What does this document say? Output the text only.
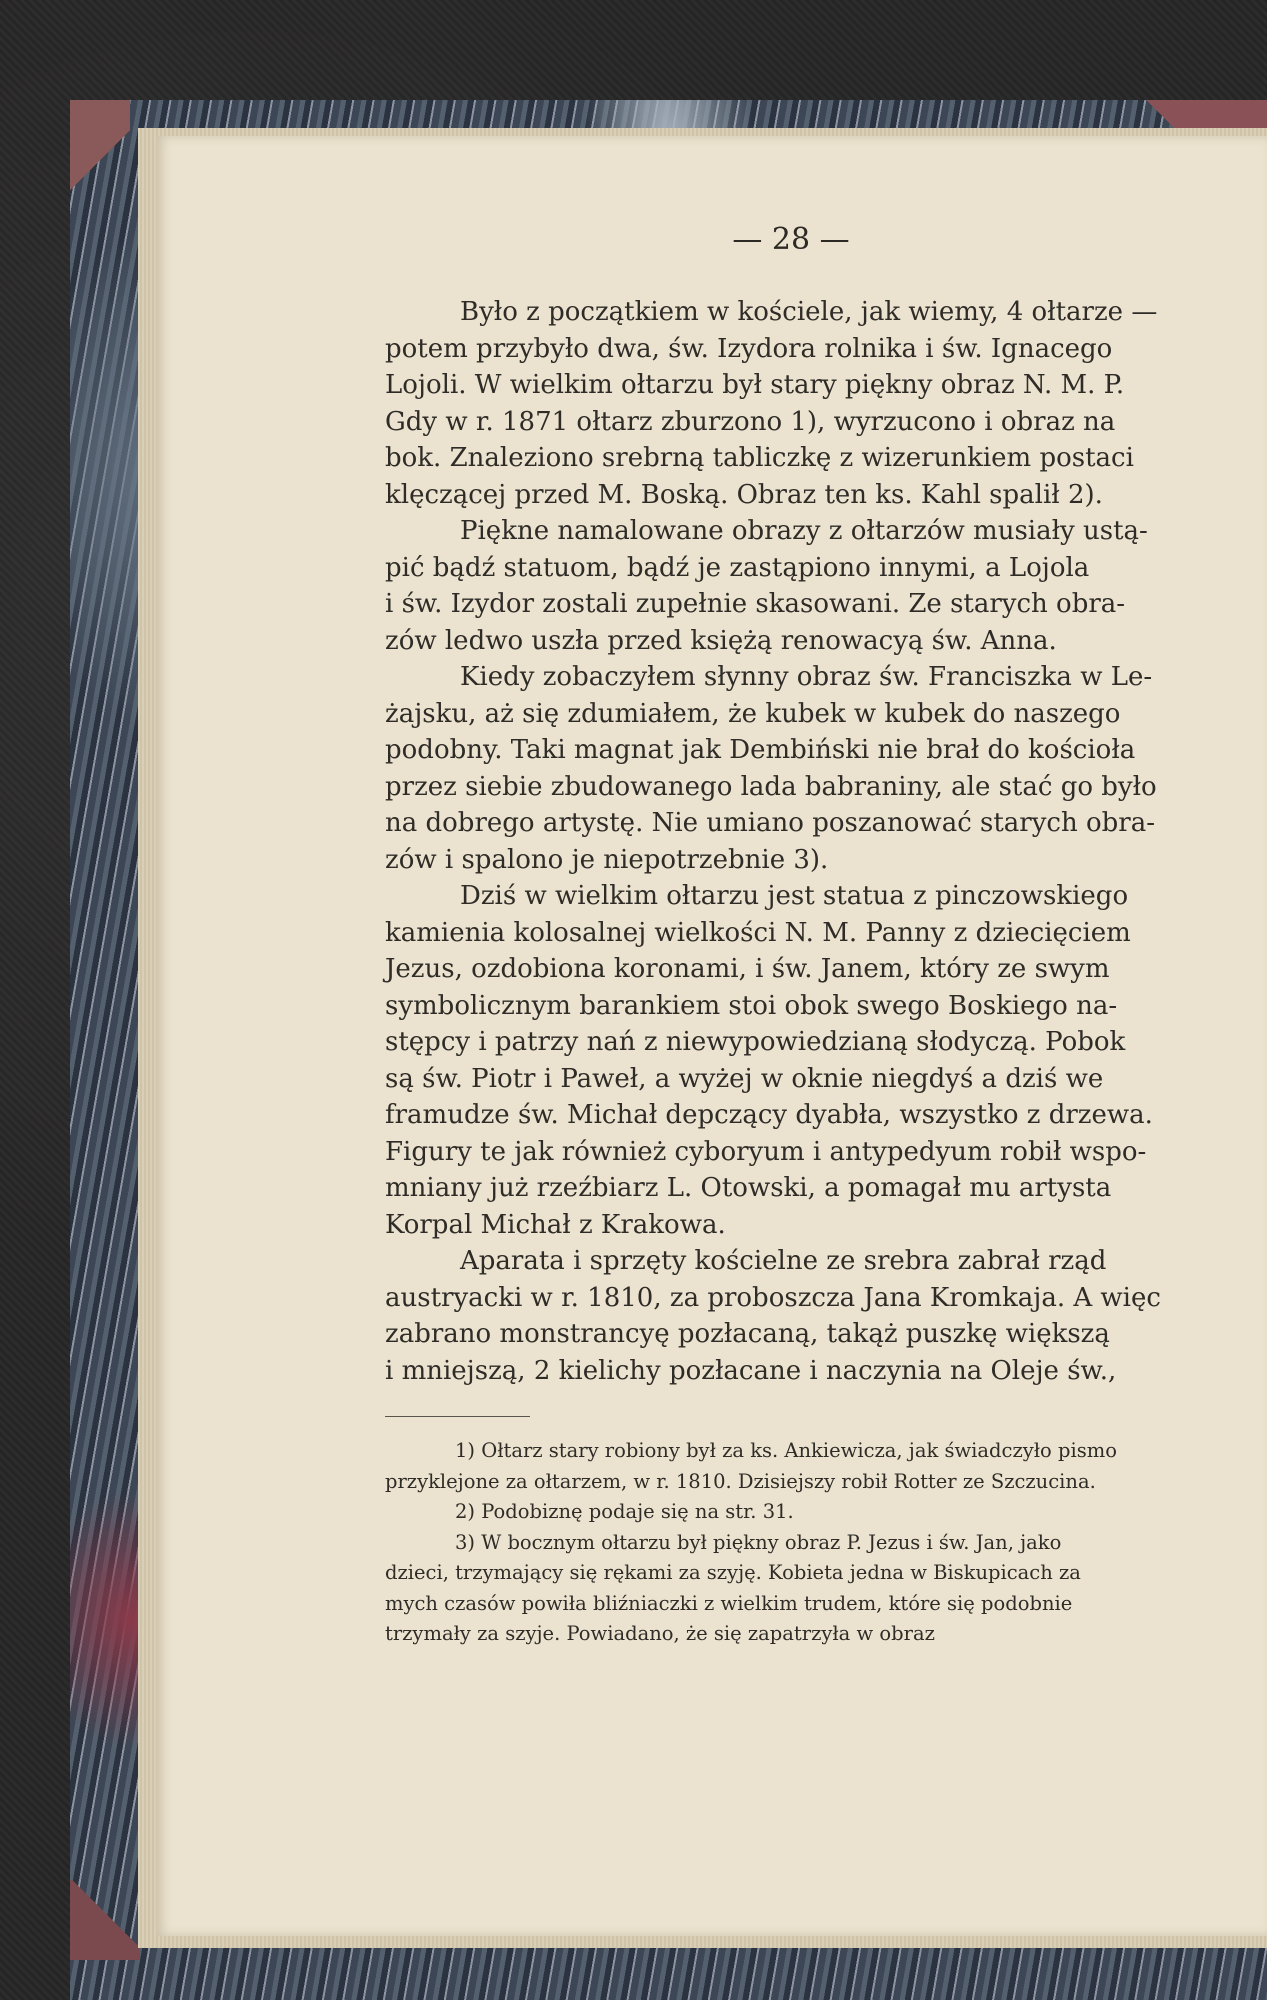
— 28 —

Było z początkiem w kościele, jak wiemy, 4 ołtarze —
potem przybyło dwa, św. Izydora rolnika i św. Ignacego
Lojoli. W wielkim ołtarzu był stary piękny obraz N. M. P.
Gdy w r. 1871 ołtarz zburzono 1), wyrzucono i obraz na
bok. Znaleziono srebrną tabliczkę z wizerunkiem postaci
klęczącej przed M. Boską. Obraz ten ks. Kahl spalił 2).

Piękne namalowane obrazy z ołtarzów musiały ustą-
pić bądź statuom, bądź je zastąpiono innymi, a Lojola
i św. Izydor zostali zupełnie skasowani. Ze starych obra-
zów ledwo uszła przed księżą renowacyą św. Anna.

Kiedy zobaczyłem słynny obraz św. Franciszka w Le-
żajsku, aż się zdumiałem, że kubek w kubek do naszego
podobny. Taki magnat jak Dembiński nie brał do kościoła
przez siebie zbudowanego lada babraniny, ale stać go było
na dobrego artystę. Nie umiano poszanować starych obra-
zów i spalono je niepotrzebnie 3).

Dziś w wielkim ołtarzu jest statua z pinczowskiego
kamienia kolosalnej wielkości N. M. Panny z dziecięciem
Jezus, ozdobiona koronami, i św. Janem, który ze swym
symbolicznym barankiem stoi obok swego Boskiego na-
stępcy i patrzy nań z niewypowiedzianą słodyczą. Pobok
są św. Piotr i Paweł, a wyżej w oknie niegdyś a dziś we
framudze św. Michał depczący dyabła, wszystko z drzewa.
Figury te jak również cyboryum i antypedyum robił wspo-
mniany już rzeźbiarz L. Otowski, a pomagał mu artysta
Korpal Michał z Krakowa.

Aparata i sprzęty kościelne ze srebra zabrał rząd
austryacki w r. 1810, za proboszcza Jana Kromkaja. A więc
zabrano monstrancyę pozłacaną, takąż puszkę większą
i mniejszą, 2 kielichy pozłacane i naczynia na Oleje św.,

1) Ołtarz stary robiony był za ks. Ankiewicza, jak świadczyło pismo
przyklejone za ołtarzem, w r. 1810. Dzisiejszy robił Rotter ze Szczucina.

2) Podobiznę podaje się na str. 31.

3) W bocznym ołtarzu był piękny obraz P. Jezus i św. Jan, jako
dzieci, trzymający się rękami za szyję. Kobieta jedna w Biskupicach za
mych czasów powiła bliźniaczki z wielkim trudem, które się podobnie
trzymały za szyje. Powiadano, że się zapatrzyła w obraz
